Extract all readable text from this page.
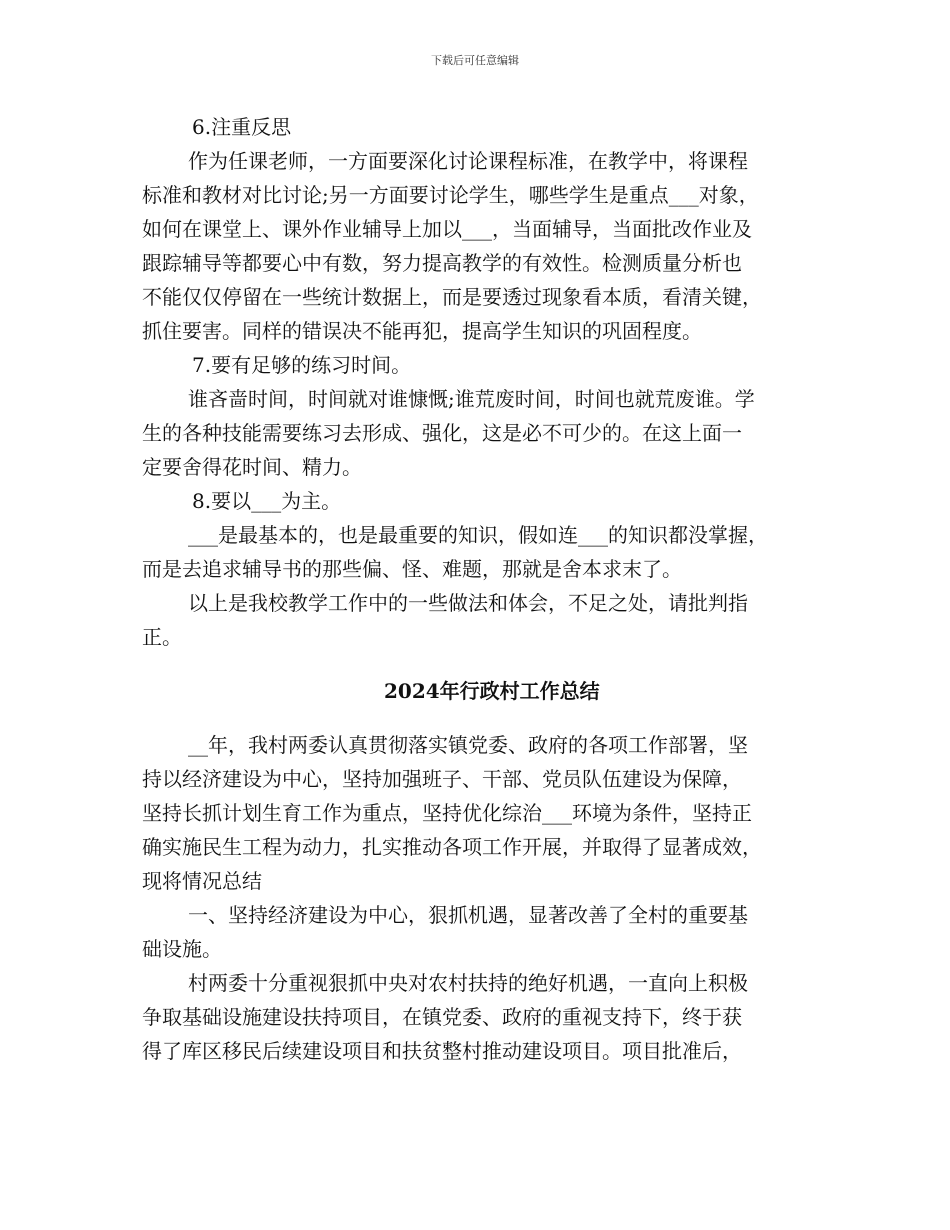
下载后可任意编辑

6.注重反思

作为任课老师，一方面要深化讨论课程标准，在教学中，将课程

标准和教材对比讨论;另一方面要讨论学生，哪些学生是重点___对象，

如何在课堂上、课外作业辅导上加以___，当面辅导，当面批改作业及

跟踪辅导等都要心中有数，努力提高教学的有效性。检测质量分析也

不能仅仅停留在一些统计数据上，而是要透过现象看本质，看清关键，

抓住要害。同样的错误决不能再犯，提高学生知识的巩固程度。

7.要有足够的练习时间。

谁吝啬时间，时间就对谁慷慨;谁荒废时间，时间也就荒废谁。学

生的各种技能需要练习去形成、强化，这是必不可少的。在这上面一

定要舍得花时间、精力。

8.要以___为主。

___是最基本的，也是最重要的知识，假如连___的知识都没掌握，

而是去追求辅导书的那些偏、怪、难题，那就是舍本求末了。

以上是我校教学工作中的一些做法和体会，不足之处，请批判指

正。

2024年行政村工作总结

__年，我村两委认真贯彻落实镇党委、政府的各项工作部署，坚

持以经济建设为中心，坚持加强班子、干部、党员队伍建设为保障，

坚持长抓计划生育工作为重点，坚持优化综治___环境为条件，坚持正

确实施民生工程为动力，扎实推动各项工作开展，并取得了显著成效，

现将情况总结

一、坚持经济建设为中心，狠抓机遇，显著改善了全村的重要基

础设施。

村两委十分重视狠抓中央对农村扶持的绝好机遇，一直向上积极

争取基础设施建设扶持项目，在镇党委、政府的重视支持下，终于获

得了库区移民后续建设项目和扶贫整村推动建设项目。项目批准后，
